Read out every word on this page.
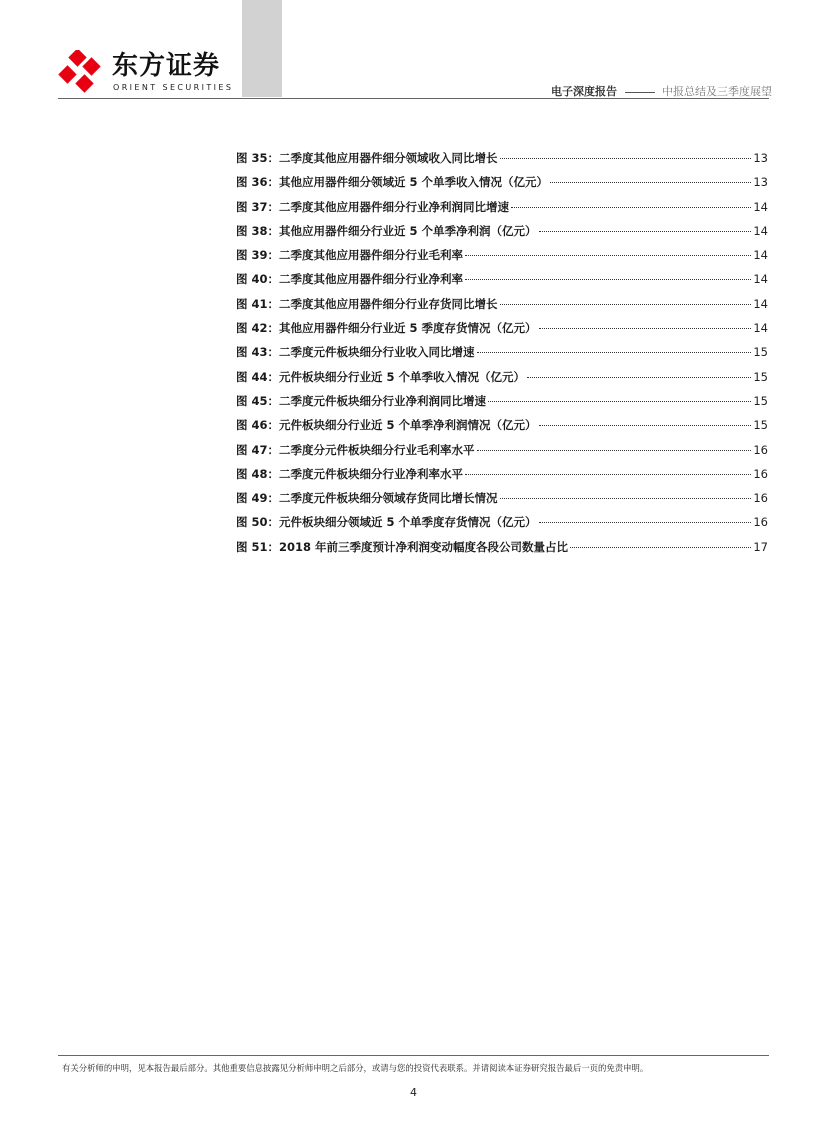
东方证券
ORIENT SECURITIES	电子深度报告	中报总结及三季度展望
图 35：二季度其他应用器件细分领域收入同比增长	13
图 36：其他应用器件细分领域近 5 个单季收入情况（亿元）	13
图 37：二季度其他应用器件细分行业净利润同比增速	14
图 38：其他应用器件细分行业近 5 个单季净利润（亿元）	14
图 39：二季度其他应用器件细分行业毛利率	14
图 40：二季度其他应用器件细分行业净利率	14
图 41：二季度其他应用器件细分行业存货同比增长	14
图 42：其他应用器件细分行业近 5 季度存货情况（亿元）	14
图 43：二季度元件板块细分行业收入同比增速	15
图 44：元件板块细分行业近 5 个单季收入情况（亿元）	15
图 45：二季度元件板块细分行业净利润同比增速	15
图 46：元件板块细分行业近 5 个单季净利润情况（亿元）	15
图 47：二季度分元件板块细分行业毛利率水平	16
图 48：二季度元件板块细分行业净利率水平	16
图 49：二季度元件板块细分领域存货同比增长情况	16
图 50：元件板块细分领域近 5 个单季度存货情况（亿元）	16
图 51：2018 年前三季度预计净利润变动幅度各段公司数量占比	17
有关分析师的申明，见本报告最后部分。其他重要信息披露见分析师申明之后部分，或请与您的投资代表联系。并请阅读本证券研究报告最后一页的免责申明。
4
